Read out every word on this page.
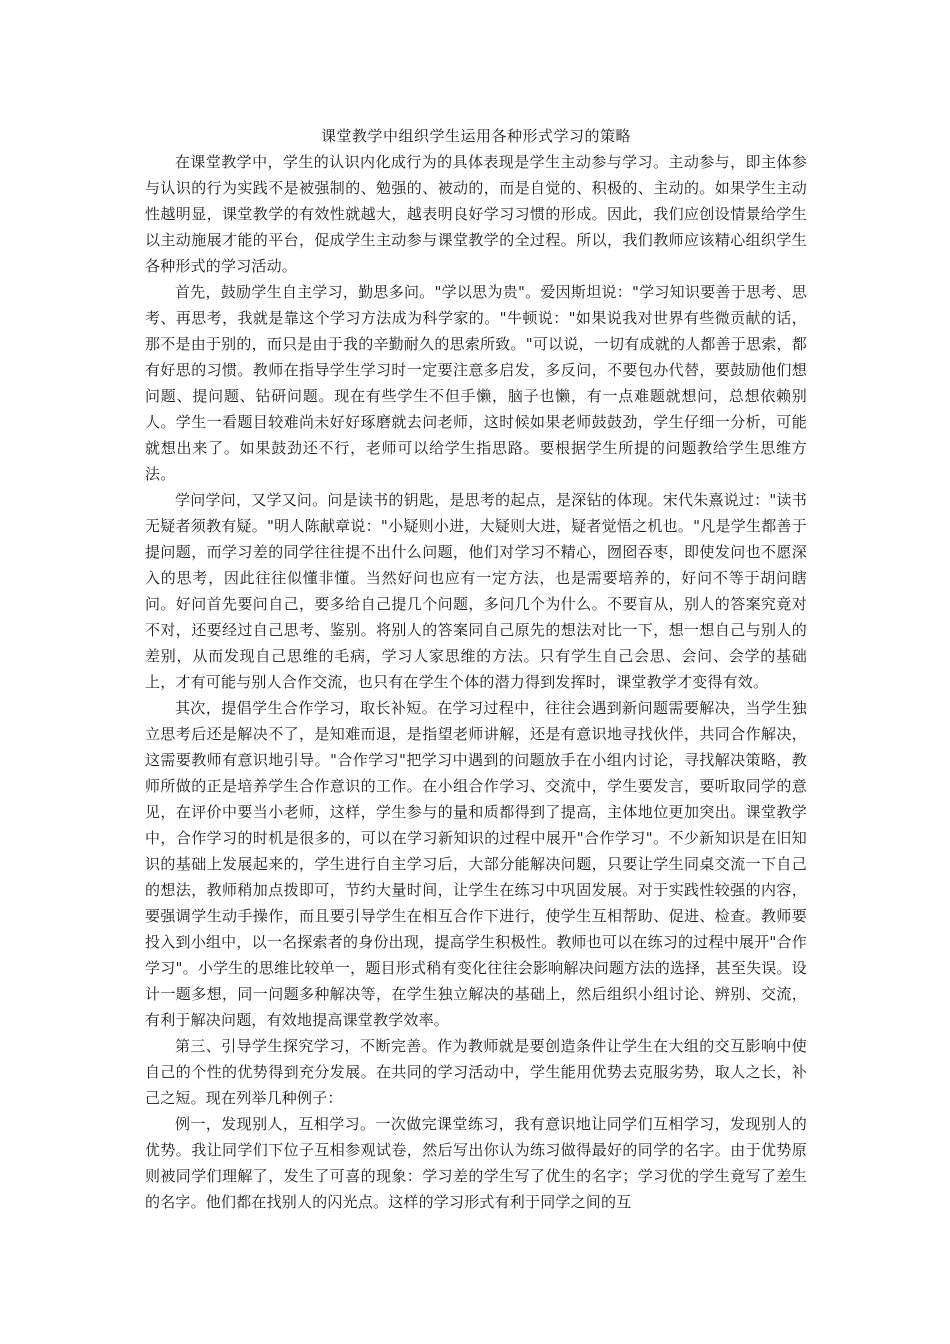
课堂教学中组织学生运用各种形式学习的策略

在课堂教学中，学生的认识内化成行为的具体表现是学生主动参与学习。主动参与，即主体参与认识的行为实践不是被强制的、勉强的、被动的，而是自觉的、积极的、主动的。如果学生主动性越明显，课堂教学的有效性就越大，越表明良好学习习惯的形成。因此，我们应创设情景给学生以主动施展才能的平台，促成学生主动参与课堂教学的全过程。所以，我们教师应该精心组织学生各种形式的学习活动。

首先，鼓励学生自主学习，勤思多问。"学以思为贵"。爱因斯坦说："学习知识要善于思考、思考、再思考，我就是靠这个学习方法成为科学家的。"牛顿说："如果说我对世界有些微贡献的话，那不是由于别的，而只是由于我的辛勤耐久的思索所致。"可以说，一切有成就的人都善于思索，都有好思的习惯。教师在指导学生学习时一定要注意多启发，多反问，不要包办代替，要鼓励他们想问题、提问题、钻研问题。现在有些学生不但手懒，脑子也懒，有一点难题就想问，总想依赖别人。学生一看题目较难尚未好好琢磨就去问老师，这时候如果老师鼓鼓劲，学生仔细一分析，可能就想出来了。如果鼓劲还不行，老师可以给学生指思路。要根据学生所提的问题教给学生思维方法。

学问学问，又学又问。问是读书的钥匙，是思考的起点，是深钻的体现。宋代朱熹说过："读书无疑者须教有疑。"明人陈献章说："小疑则小进，大疑则大进，疑者觉悟之机也。"凡是学生都善于提问题，而学习差的同学往往提不出什么问题，他们对学习不精心，囫囵吞枣，即使发问也不愿深入的思考，因此往往似懂非懂。当然好问也应有一定方法，也是需要培养的，好问不等于胡问瞎问。好问首先要问自己，要多给自己提几个问题，多问几个为什么。不要盲从，别人的答案究竟对不对，还要经过自己思考、鉴别。将别人的答案同自己原先的想法对比一下，想一想自己与别人的差别，从而发现自己思维的毛病，学习人家思维的方法。只有学生自己会思、会问、会学的基础上，才有可能与别人合作交流，也只有在学生个体的潜力得到发挥时，课堂教学才变得有效。

其次，提倡学生合作学习，取长补短。在学习过程中，往往会遇到新问题需要解决，当学生独立思考后还是解决不了，是知难而退，是指望老师讲解，还是有意识地寻找伙伴，共同合作解决，这需要教师有意识地引导。"合作学习"把学习中遇到的问题放手在小组内讨论，寻找解决策略，教师所做的正是培养学生合作意识的工作。在小组合作学习、交流中，学生要发言，要听取同学的意见，在评价中要当小老师，这样，学生参与的量和质都得到了提高，主体地位更加突出。课堂教学中，合作学习的时机是很多的，可以在学习新知识的过程中展开"合作学习"。不少新知识是在旧知识的基础上发展起来的，学生进行自主学习后，大部分能解决问题，只要让学生同桌交流一下自己的想法，教师稍加点拨即可，节约大量时间，让学生在练习中巩固发展。对于实践性较强的内容，要强调学生动手操作，而且要引导学生在相互合作下进行，使学生互相帮助、促进、检查。教师要投入到小组中，以一名探索者的身份出现，提高学生积极性。教师也可以在练习的过程中展开"合作学习"。小学生的思维比较单一，题目形式稍有变化往往会影响解决问题方法的选择，甚至失误。设计一题多想，同一问题多种解决等，在学生独立解决的基础上，然后组织小组讨论、辨别、交流，有利于解决问题，有效地提高课堂教学效率。

第三、引导学生探究学习，不断完善。作为教师就是要创造条件让学生在大组的交互影响中使自己的个性的优势得到充分发展。在共同的学习活动中，学生能用优势去克服劣势，取人之长，补己之短。现在列举几种例子：

例一，发现别人，互相学习。一次做完课堂练习，我有意识地让同学们互相学习，发现别人的优势。我让同学们下位子互相参观试卷，然后写出你认为练习做得最好的同学的名字。由于优势原则被同学们理解了，发生了可喜的现象：学习差的学生写了优生的名字；学习优的学生竟写了差生的名字。他们都在找别人的闪光点。这样的学习形式有利于同学之间的互
